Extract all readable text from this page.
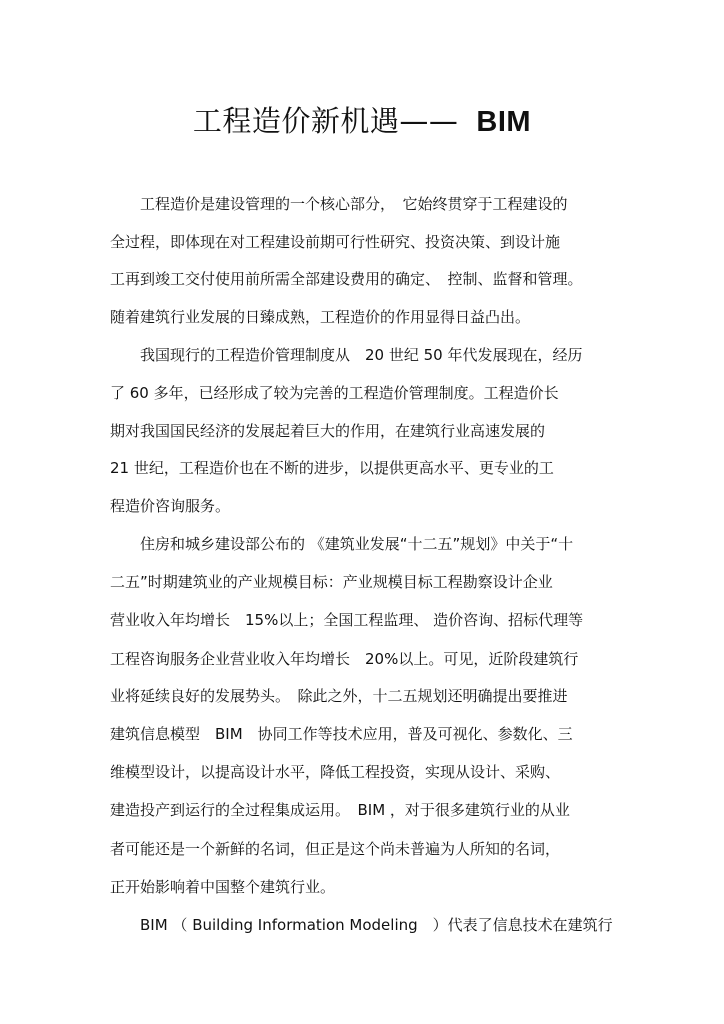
工程造价新机遇—— BIM
　　工程造价是建设管理的一个核心部分，　它始终贯穿于工程建设的
全过程，即体现在对工程建设前期可行性研究、投资决策、到设计施
工再到竣工交付使用前所需全部建设费用的确定、　控制、监督和管理。
随着建筑行业发展的日臻成熟，工程造价的作用显得日益凸出。
　　我国现行的工程造价管理制度从　20 世纪 50 年代发展现在，经历
了 60 多年，已经形成了较为完善的工程造价管理制度。工程造价长
期对我国国民经济的发展起着巨大的作用，在建筑行业高速发展的
21 世纪，工程造价也在不断的进步，以提供更高水平、更专业的工
程造价咨询服务。
　　住房和城乡建设部公布的 《建筑业发展“十二五”规划》中关于“十
二五”时期建筑业的产业规模目标：产业规模目标工程勘察设计企业
营业收入年均增长　15%以上；全国工程监理、 造价咨询、招标代理等
工程咨询服务企业营业收入年均增长　20%以上。可见，近阶段建筑行
业将延续良好的发展势头。　除此之外，十二五规划还明确提出要推进
建筑信息模型　BIM　协同工作等技术应用，普及可视化、参数化、三
维模型设计，以提高设计水平，降低工程投资，实现从设计、采购、
建造投产到运行的全过程集成运用。　BIM ，对于很多建筑行业的从业
者可能还是一个新鲜的名词，但正是这个尚未普遍为人所知的名词，
正开始影响着中国整个建筑行业。
　　BIM （ Building Information Modeling　）代表了信息技术在建筑行
